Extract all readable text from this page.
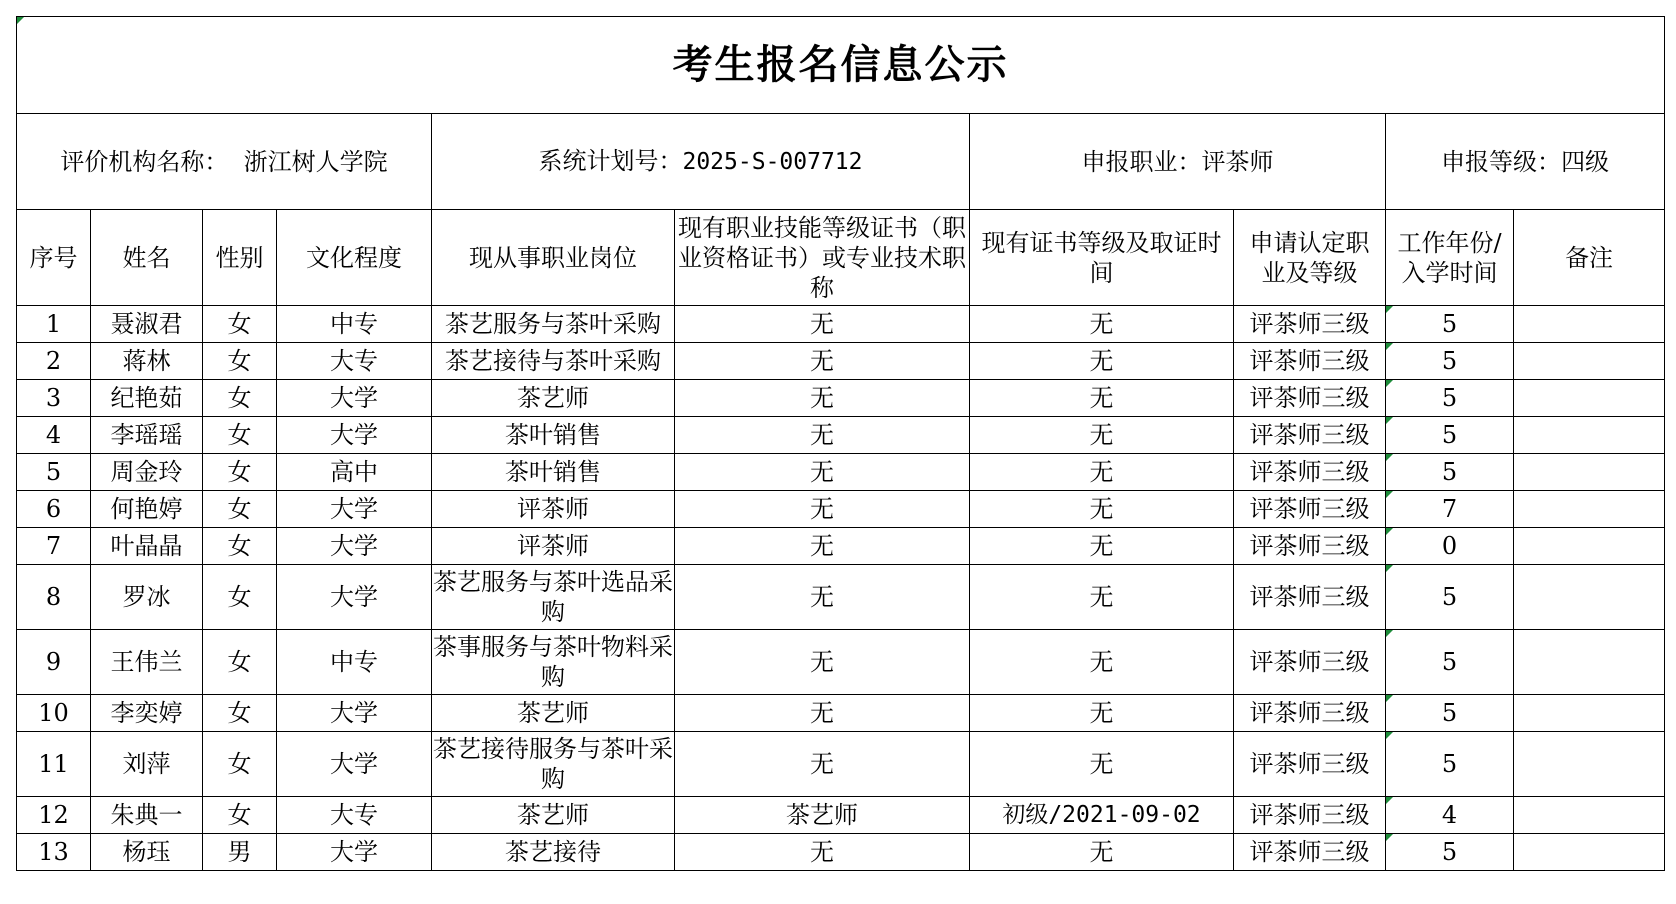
考生报名信息公示									
评价机构名称： 浙江树人学院				系统计划号：2025-S-007712		申报职业：评茶师		申报等级：四级	
序号	姓名	性别	文化程度	现从事职业岗位	现有职业技能等级证书（职业资格证书）或专业技术职称	现有证书等级及取证时间	申请认定职业及等级	工作年份/入学时间	备注
1	聂淑君	女	中专	茶艺服务与茶叶采购	无	无	评茶师三级	5	
2	蒋林	女	大专	茶艺接待与茶叶采购	无	无	评茶师三级	5	
3	纪艳茹	女	大学	茶艺师	无	无	评茶师三级	5	
4	李瑶瑶	女	大学	茶叶销售	无	无	评茶师三级	5	
5	周金玲	女	高中	茶叶销售	无	无	评茶师三级	5	
6	何艳婷	女	大学	评茶师	无	无	评茶师三级	7	
7	叶晶晶	女	大学	评茶师	无	无	评茶师三级	0	
8	罗冰	女	大学	茶艺服务与茶叶选品采购	无	无	评茶师三级	5	
9	王伟兰	女	中专	茶事服务与茶叶物料采购	无	无	评茶师三级	5	
10	李奕婷	女	大学	茶艺师	无	无	评茶师三级	5	
11	刘萍	女	大学	茶艺接待服务与茶叶采购	无	无	评茶师三级	5	
12	朱典一	女	大专	茶艺师	茶艺师	初级/2021-09-02	评茶师三级	4	
13	杨珏	男	大学	茶艺接待	无	无	评茶师三级	5	
